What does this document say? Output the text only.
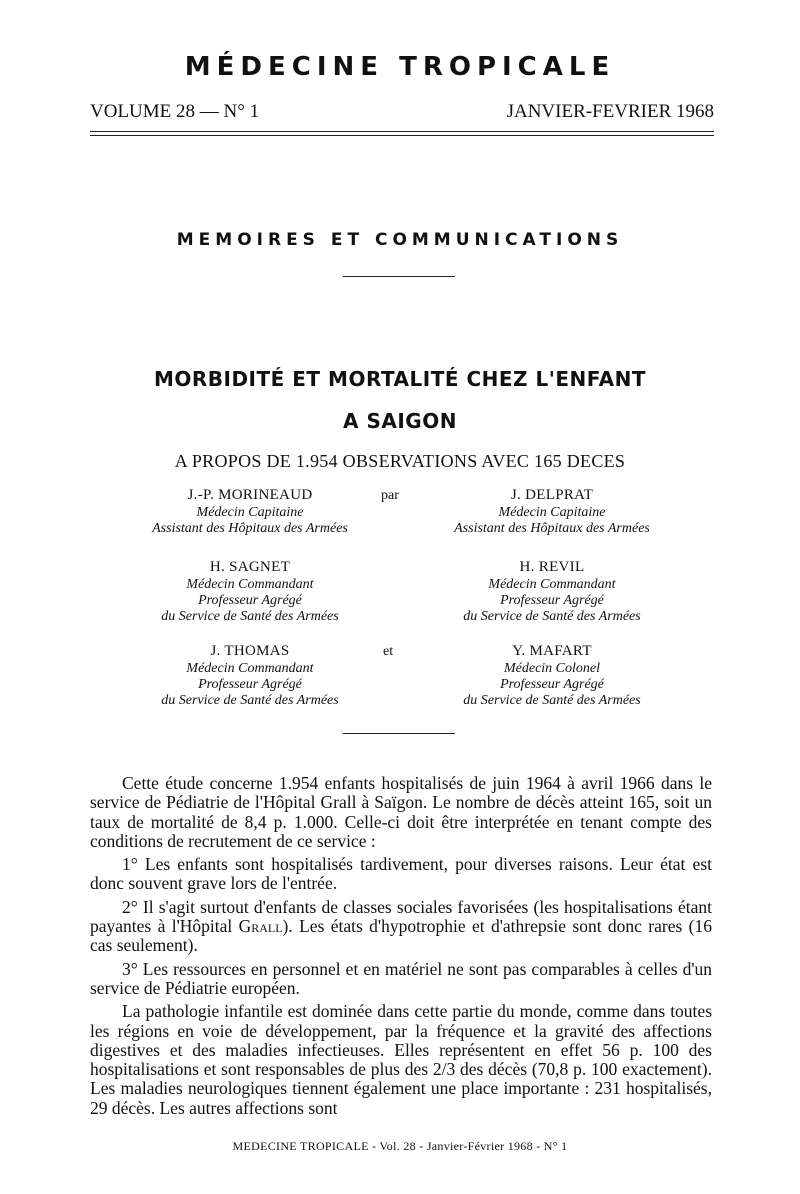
MÉDECINE TROPICALE
VOLUME 28 — N° 1	JANVIER-FEVRIER 1968
MEMOIRES ET COMMUNICATIONS
MORBIDITÉ ET MORTALITÉ CHEZ L'ENFANT
A SAIGON
A PROPOS DE 1.954 OBSERVATIONS AVEC 165 DECES
J.-P. MORINEAUD
Médecin Capitaine
Assistant des Hôpitaux des Armées
par	J. DELPRAT
Médecin Capitaine
Assistant des Hôpitaux des Armées
H. SAGNET
Médecin Commandant
Professeur Agrégé
du Service de Santé des Armées
H. REVIL
Médecin Commandant
Professeur Agrégé
du Service de Santé des Armées
J. THOMAS
Médecin Commandant
Professeur Agrégé
du Service de Santé des Armées
et	Y. MAFART
Médecin Colonel
Professeur Agrégé
du Service de Santé des Armées

Cette étude concerne 1.954 enfants hospitalisés de juin 1964 à avril 1966 dans le service de Pédiatrie de l'Hôpital Grall à Saïgon. Le nombre de décès atteint 165, soit un taux de mortalité de 8,4 p. 1.000. Celle-ci doit être interprétée en tenant compte des conditions de recrutement de ce service :

1° Les enfants sont hospitalisés tardivement, pour diverses raisons. Leur état est donc souvent grave lors de l'entrée.

2° Il s'agit surtout d'enfants de classes sociales favorisées (les hospitalisations étant payantes à l'Hôpital Grall). Les états d'hypotrophie et d'athrepsie sont donc rares (16 cas seulement).

3° Les ressources en personnel et en matériel ne sont pas comparables à celles d'un service de Pédiatrie européen.

La pathologie infantile est dominée dans cette partie du monde, comme dans toutes les régions en voie de développement, par la fréquence et la gravité des affections digestives et des maladies infectieuses. Elles représentent en effet 56 p. 100 des hospitalisations et sont responsables de plus des 2/3 des décès (70,8 p. 100 exactement). Les maladies neurologiques tiennent également une place importante : 231 hospitalisés, 29 décès. Les autres affections sont

MEDECINE TROPICALE - Vol. 28 - Janvier-Février 1968 - N° 1
